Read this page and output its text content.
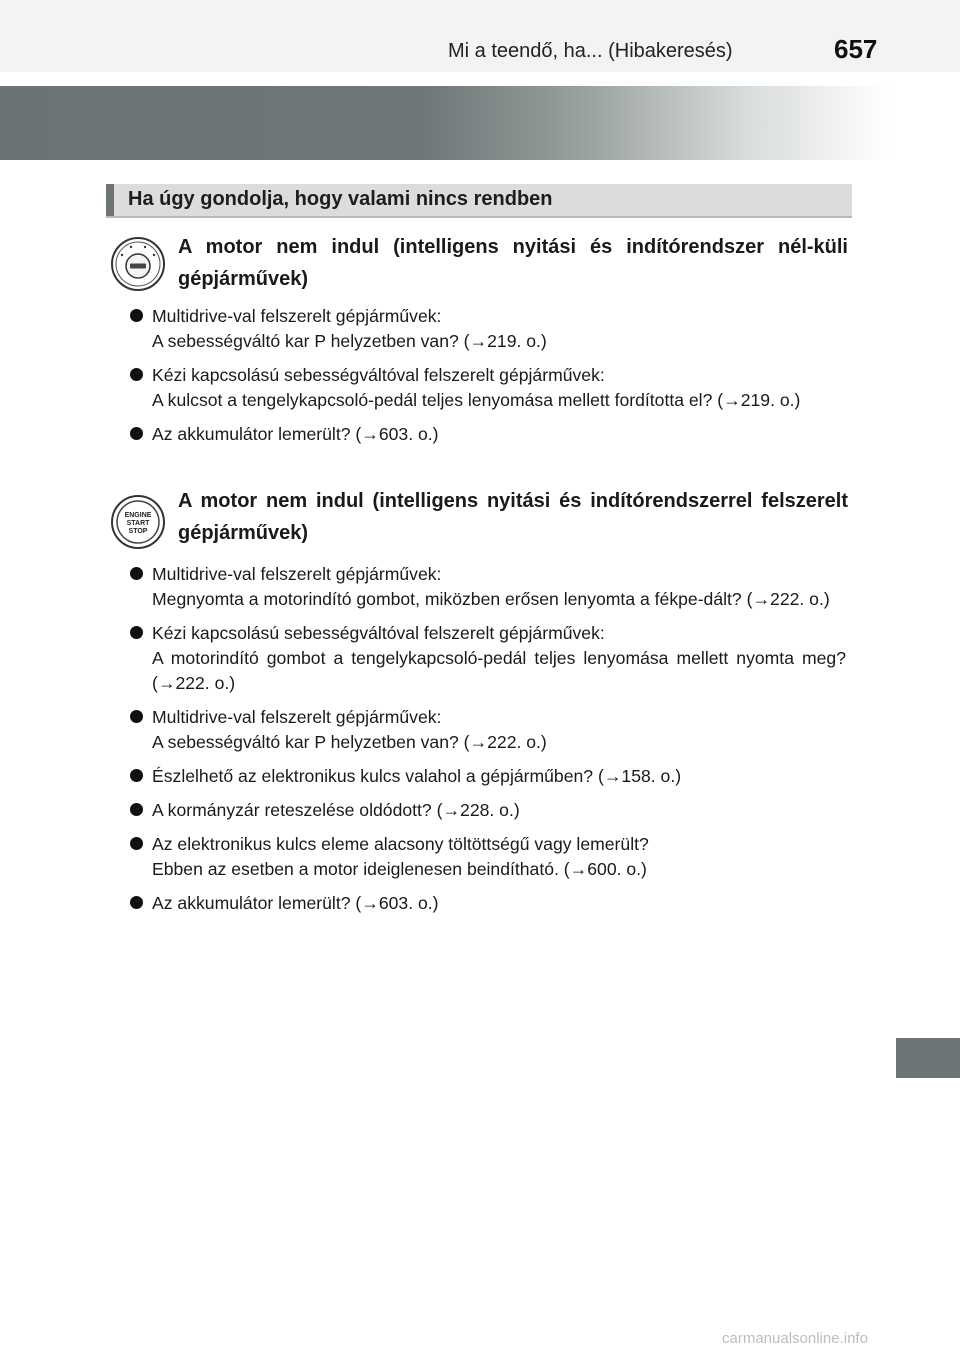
Mi a teendő, ha... (Hibakeresés)	657
Ha úgy gondolja, hogy valami nincs rendben
A motor nem indul (intelligens nyitási és indítórendszer nél-küli gépjárművek)
Multidrive-val felszerelt gépjárművek:
A sebességváltó kar P helyzetben van? (→219. o.)
Kézi kapcsolású sebességváltóval felszerelt gépjárművek:
A kulcsot a tengelykapcsoló-pedál teljes lenyomása mellett fordította el? (→219. o.)
Az akkumulátor lemerült? (→603. o.)
ENGINE
START
STOP
A motor nem indul (intelligens nyitási és indítórendszerrel felszerelt gépjárművek)
Multidrive-val felszerelt gépjárművek:
Megnyomta a motorindító gombot, miközben erősen lenyomta a fékpe-dált? (→222. o.)
Kézi kapcsolású sebességváltóval felszerelt gépjárművek:
A motorindító gombot a tengelykapcsoló-pedál teljes lenyomása mellett nyomta meg? (→222. o.)
Multidrive-val felszerelt gépjárművek:
A sebességváltó kar P helyzetben van? (→222. o.)
Észlelhető az elektronikus kulcs valahol a gépjárműben? (→158. o.)
A kormányzár reteszelése oldódott? (→228. o.)
Az elektronikus kulcs eleme alacsony töltöttségű vagy lemerült?
Ebben az esetben a motor ideiglenesen beindítható. (→600. o.)
Az akkumulátor lemerült? (→603. o.)
carmanualsonline.info
